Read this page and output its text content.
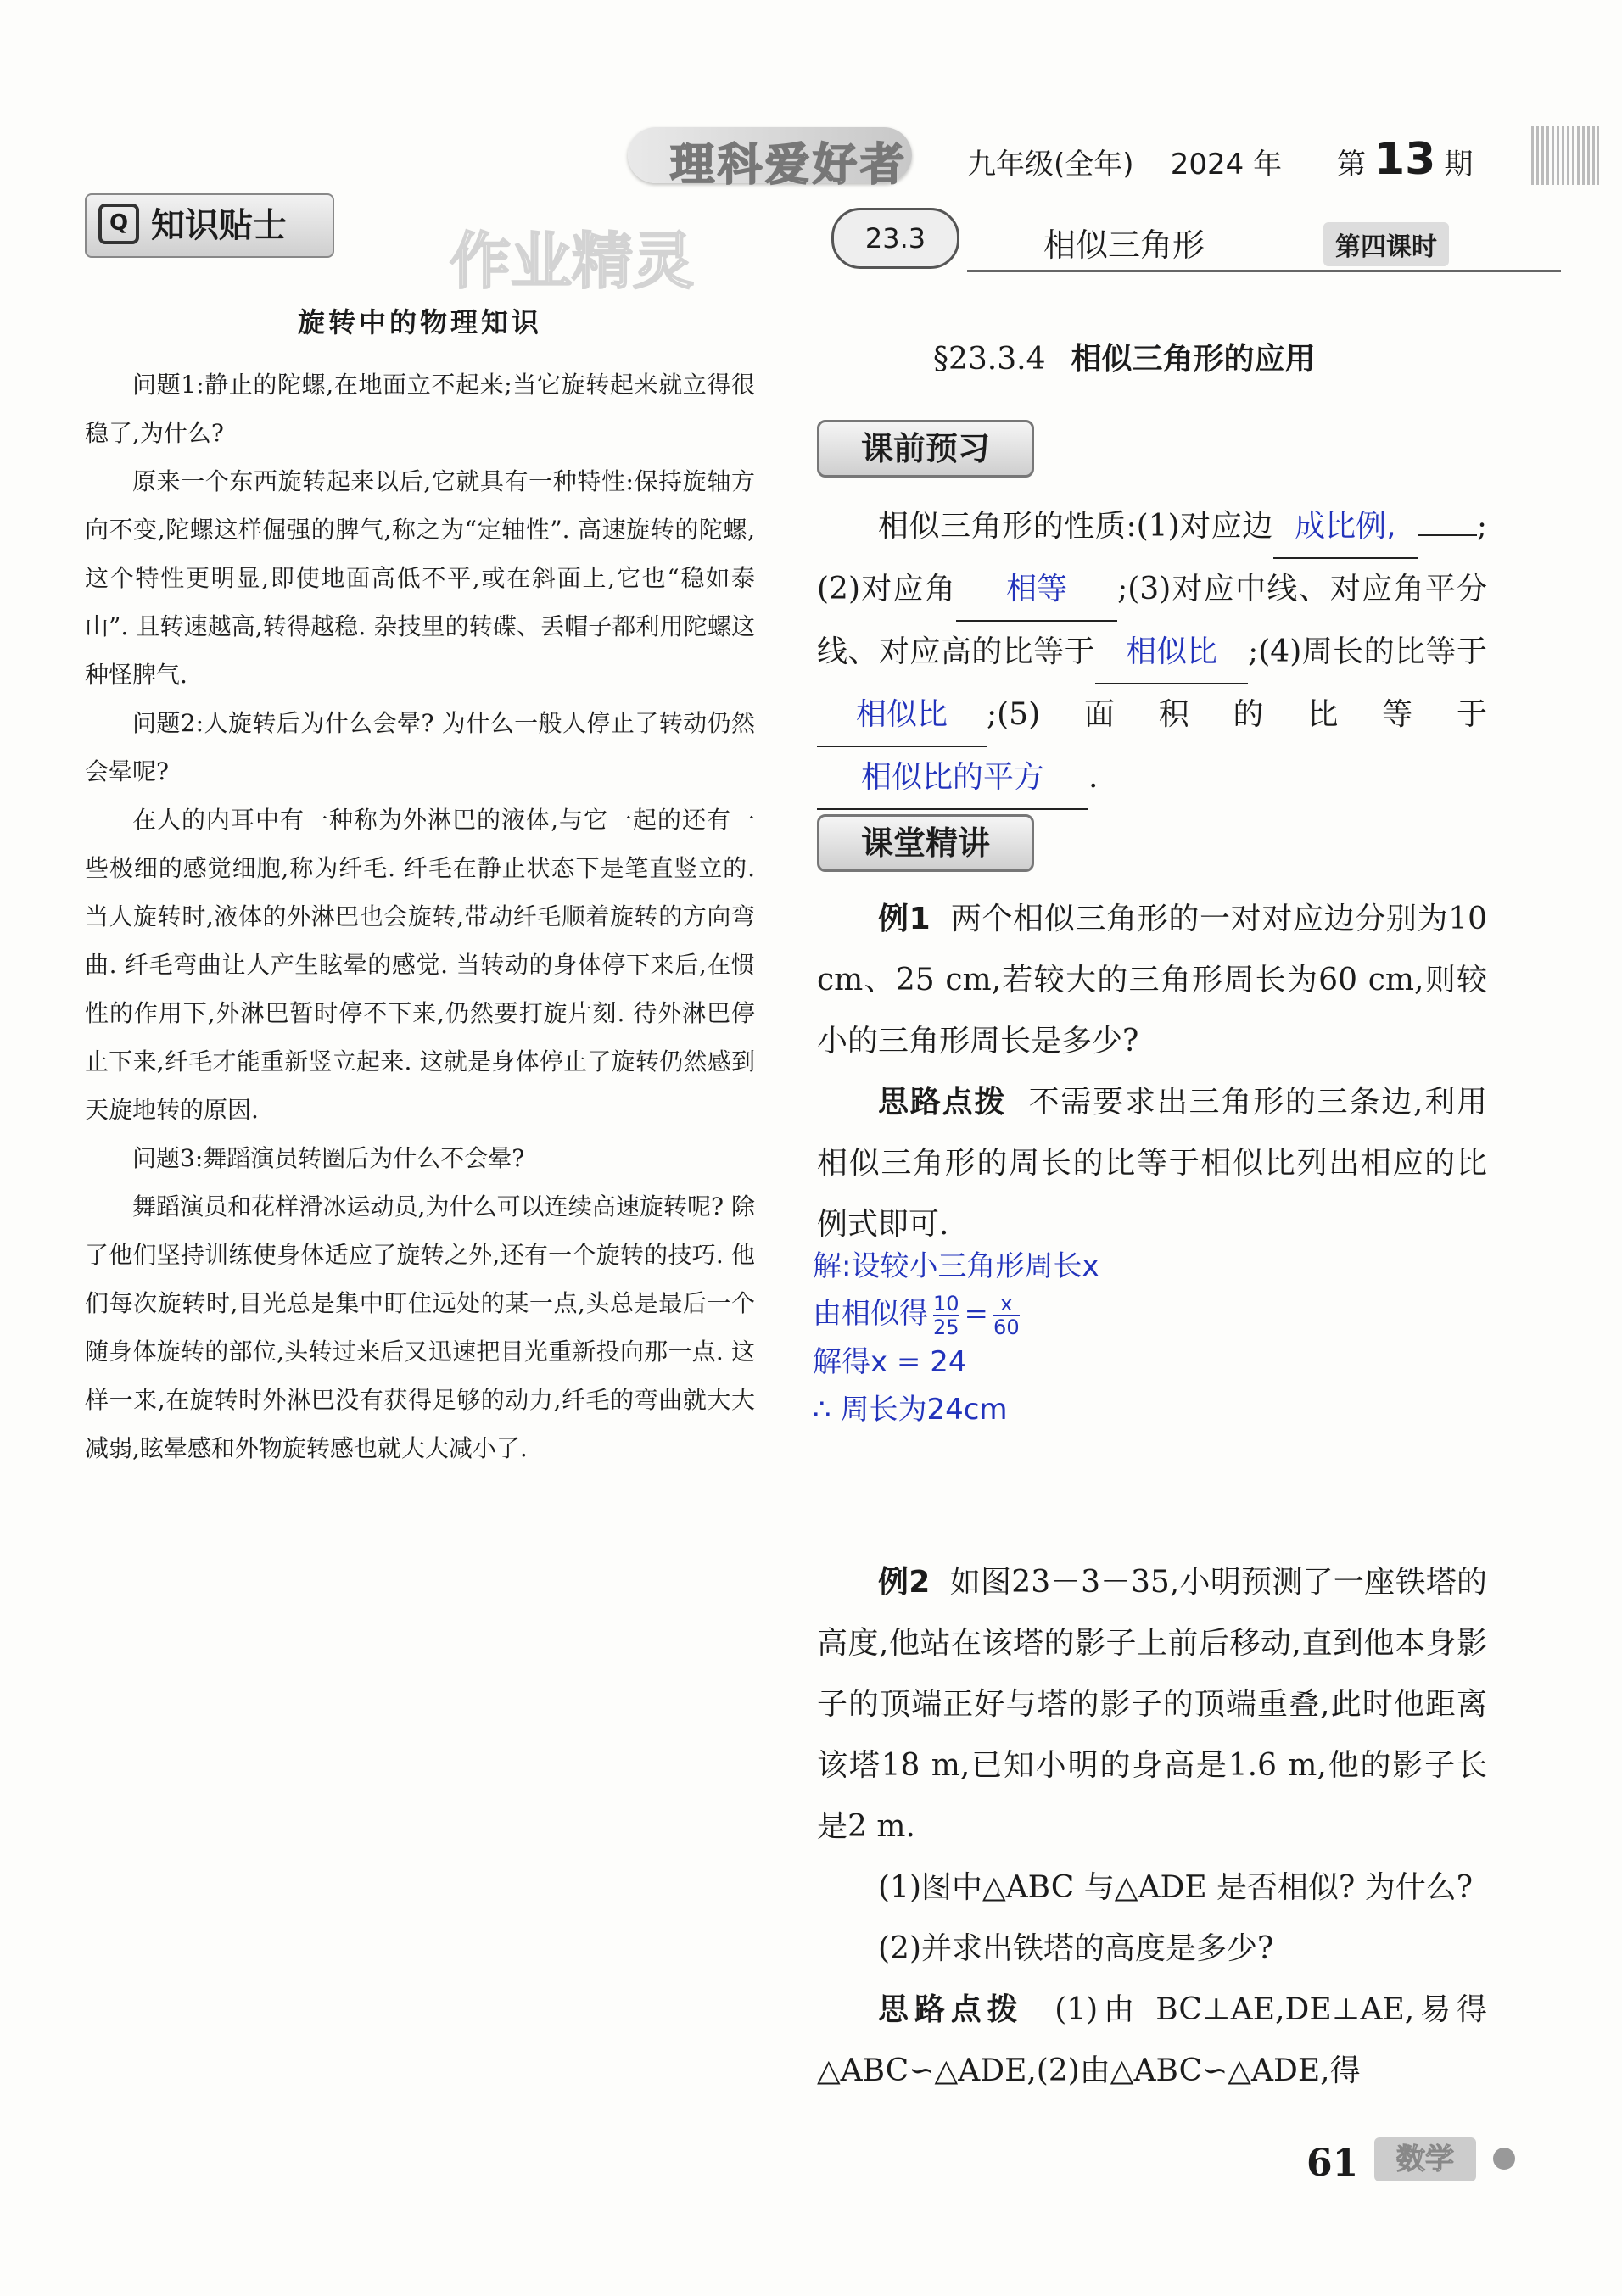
理科爱好者 九年级(全年) 2024 年 第 13 期
Q 知识贴士	作业精灵
旋转中的物理知识

问题1:静止的陀螺,在地面立不起来;当它旋转起来就立得很稳了,为什么?

原来一个东西旋转起来以后,它就具有一种特性:保持旋轴方向不变,陀螺这样倔强的脾气,称之为“定轴性”. 高速旋转的陀螺,这个特性更明显,即使地面高低不平,或在斜面上,它也“稳如泰山”. 且转速越高,转得越稳. 杂技里的转碟、丢帽子都利用陀螺这种怪脾气.

问题2:人旋转后为什么会晕? 为什么一般人停止了转动仍然会晕呢?

在人的内耳中有一种称为外淋巴的液体,与它一起的还有一些极细的感觉细胞,称为纤毛. 纤毛在静止状态下是笔直竖立的. 当人旋转时,液体的外淋巴也会旋转,带动纤毛顺着旋转的方向弯曲. 纤毛弯曲让人产生眩晕的感觉. 当转动的身体停下来后,在惯性的作用下,外淋巴暂时停不下来,仍然要打旋片刻. 待外淋巴停止下来,纤毛才能重新竖立起来. 这就是身体停止了旋转仍然感到天旋地转的原因.

问题3:舞蹈演员转圈后为什么不会晕?

舞蹈演员和花样滑冰运动员,为什么可以连续高速旋转呢? 除了他们坚持训练使身体适应了旋转之外,还有一个旋转的技巧. 他们每次旋转时,目光总是集中盯住远处的某一点,头总是最后一个随身体旋转的部位,头转过来后又迅速把目光重新投向那一点. 这样一来,在旋转时外淋巴没有获得足够的动力,纤毛的弯曲就大大减弱,眩晕感和外物旋转感也就大大减小了.

23.3	相似三角形	第四课时
§23.3.4 相似三角形的应用
课前预习

相似三角形的性质:(1)对应边 成比例,	;(2)对应角 相等 ;(3)对应中线、对应角平分线、对应高的比等于 相似比 ;(4)周长的比等于相似比 ;(5)面积的比等于相似比的平方 .

课堂精讲

例1 两个相似三角形的一对对应边分别为10 cm、25 cm,若较大的三角形周长为60 cm,则较小的三角形周长是多少?

思路点拨 不需要求出三角形的三条边,利用相似三角形的周长的比等于相似比列出相应的比例式即可.

解:设较小三角形周长x
由相似得 $\frac{10}{25} = \frac{x}{60}$
解得x = 24
∴ 周长为24cm

例2 如图23－3－35,小明预测了一座铁塔的高度,他站在该塔的影子上前后移动,直到他本身影子的顶端正好与塔的影子的顶端重叠,此时他距离该塔18 m,已知小明的身高是1.6 m,他的影子长是2 m.

(1)图中△ABC 与△ADE 是否相似? 为什么?

(2)并求出铁塔的高度是多少?

思路点拨 (1)由 BC⊥AE,DE⊥AE,易得△ABC∽△ADE,(2)由△ABC∽△ADE,得

61	数学
